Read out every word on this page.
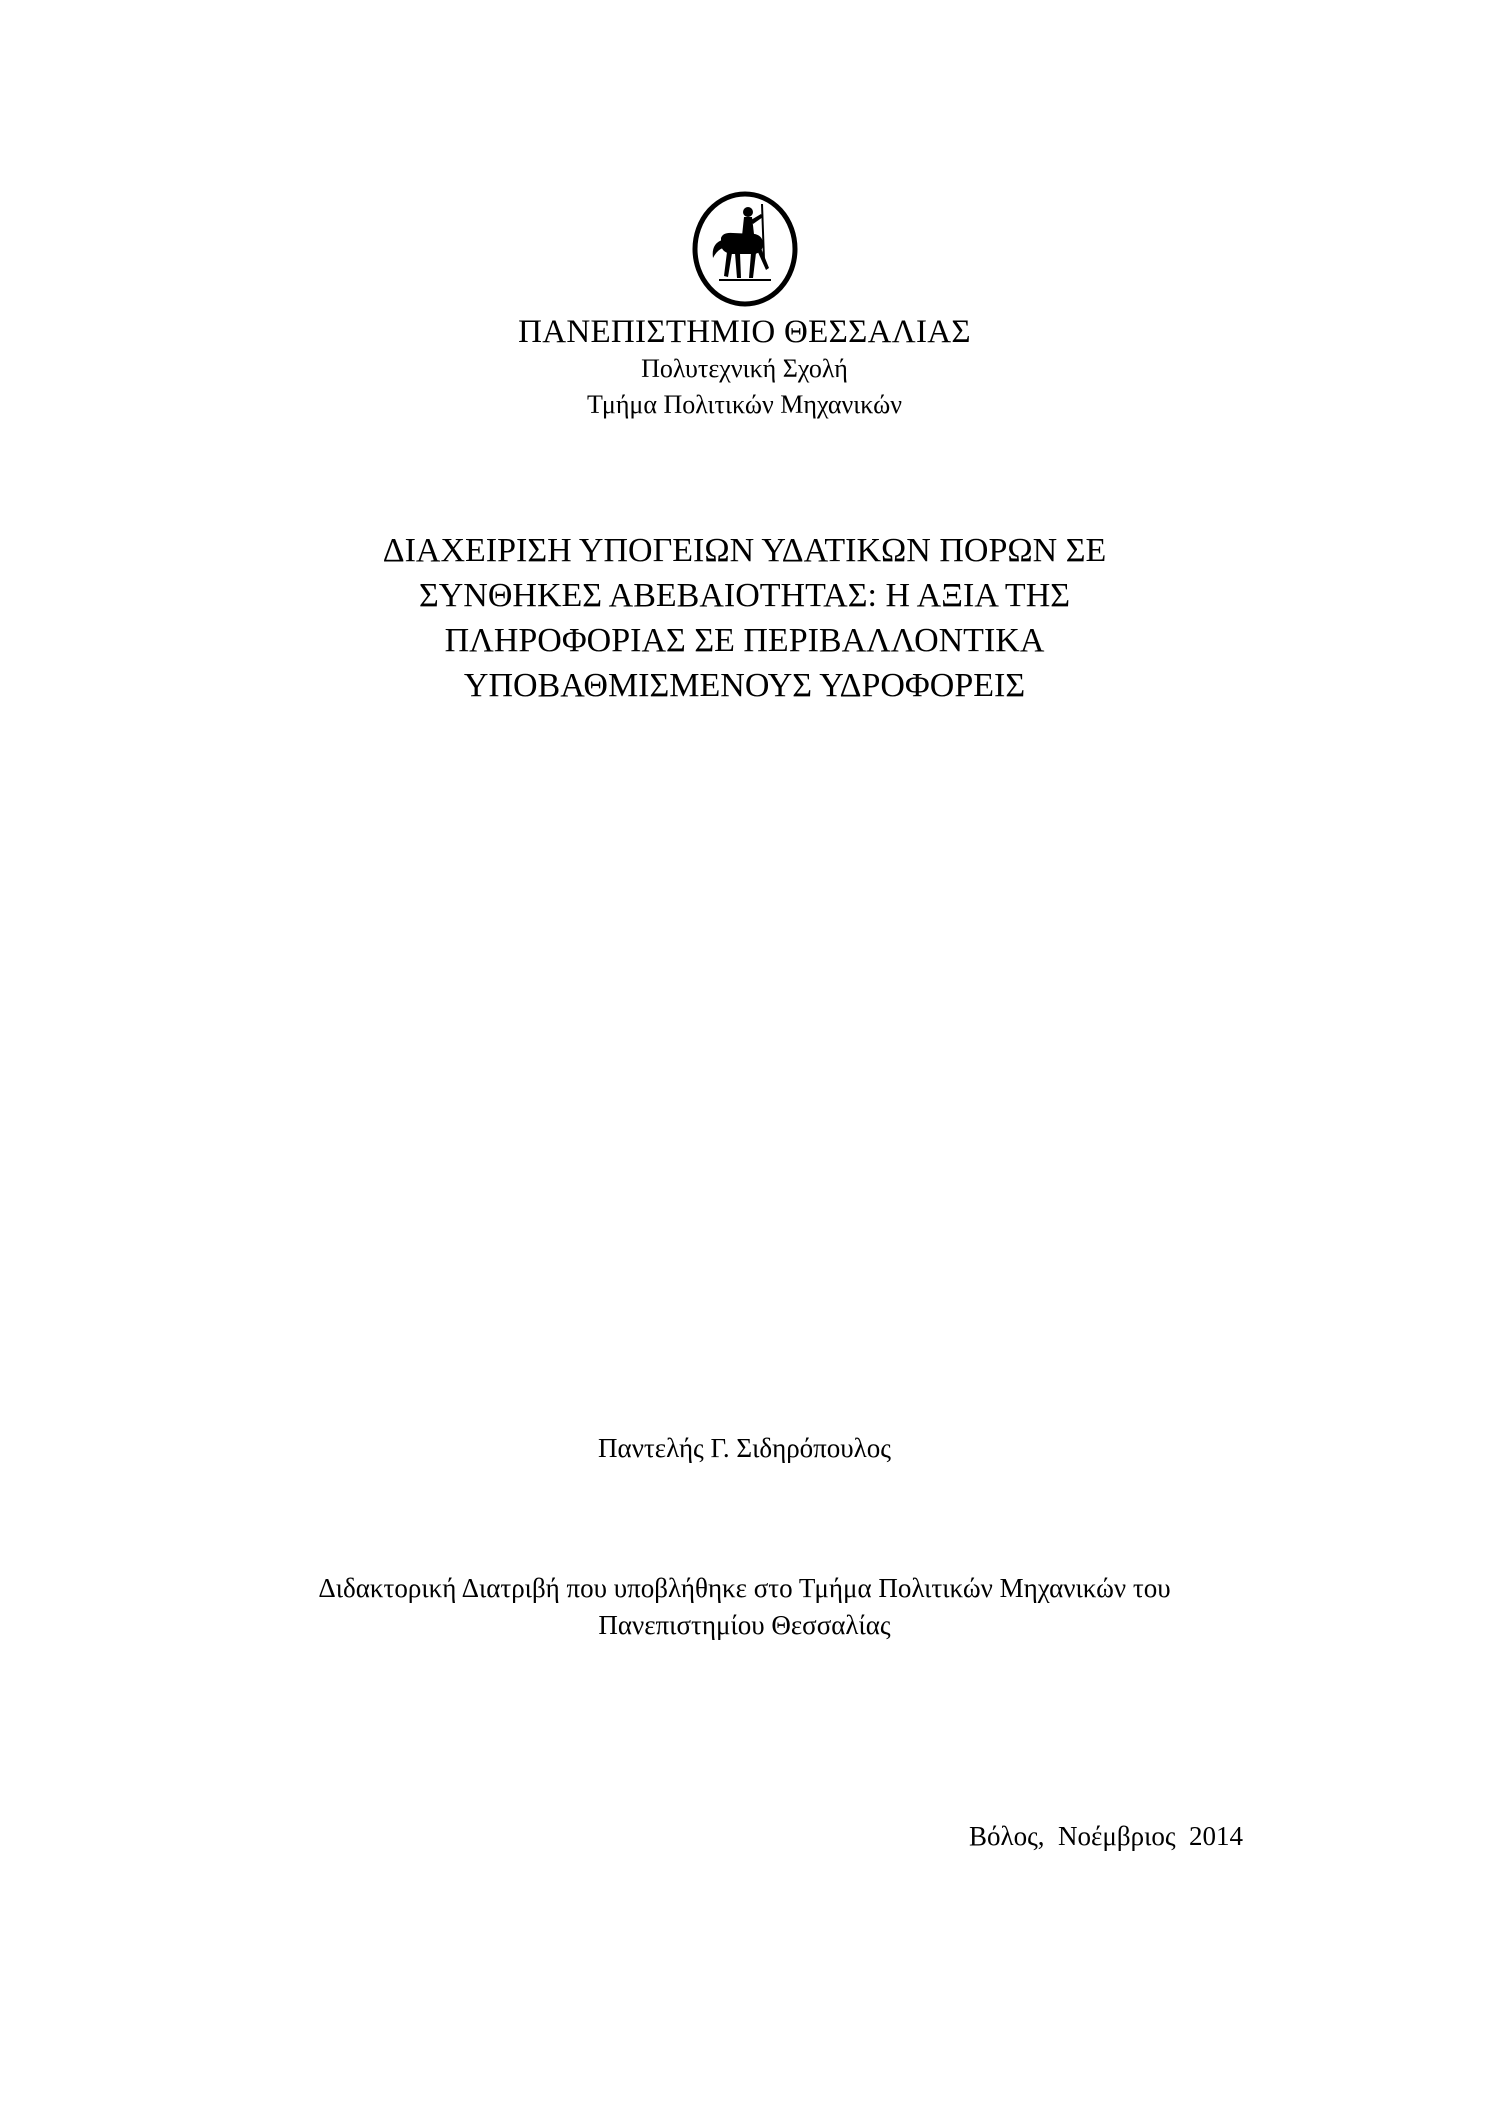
ΠΑΝΕΠΙΣΤΗΜΙΟ ΘΕΣΣΑΛΙΑΣ
Πολυτεχνική Σχολή
Τμήμα Πολιτικών Μηχανικών
ΔΙΑΧΕΙΡΙΣΗ ΥΠΟΓΕΙΩΝ ΥΔΑΤΙΚΩΝ ΠΟΡΩΝ ΣΕ
ΣΥΝΘΗΚΕΣ ΑΒΕΒΑΙΟΤΗΤΑΣ: Η ΑΞΙΑ ΤΗΣ
ΠΛΗΡΟΦΟΡΙΑΣ ΣΕ ΠΕΡΙΒΑΛΛΟΝΤΙΚΑ
ΥΠΟΒΑΘΜΙΣΜΕΝΟΥΣ ΥΔΡΟΦΟΡΕΙΣ
Παντελής Γ. Σιδηρόπουλος
Διδακτορική Διατριβή που υποβλήθηκε στο Τμήμα Πολιτικών Μηχανικών του
Πανεπιστημίου Θεσσαλίας
Βόλος,  Νοέμβριος  2014
